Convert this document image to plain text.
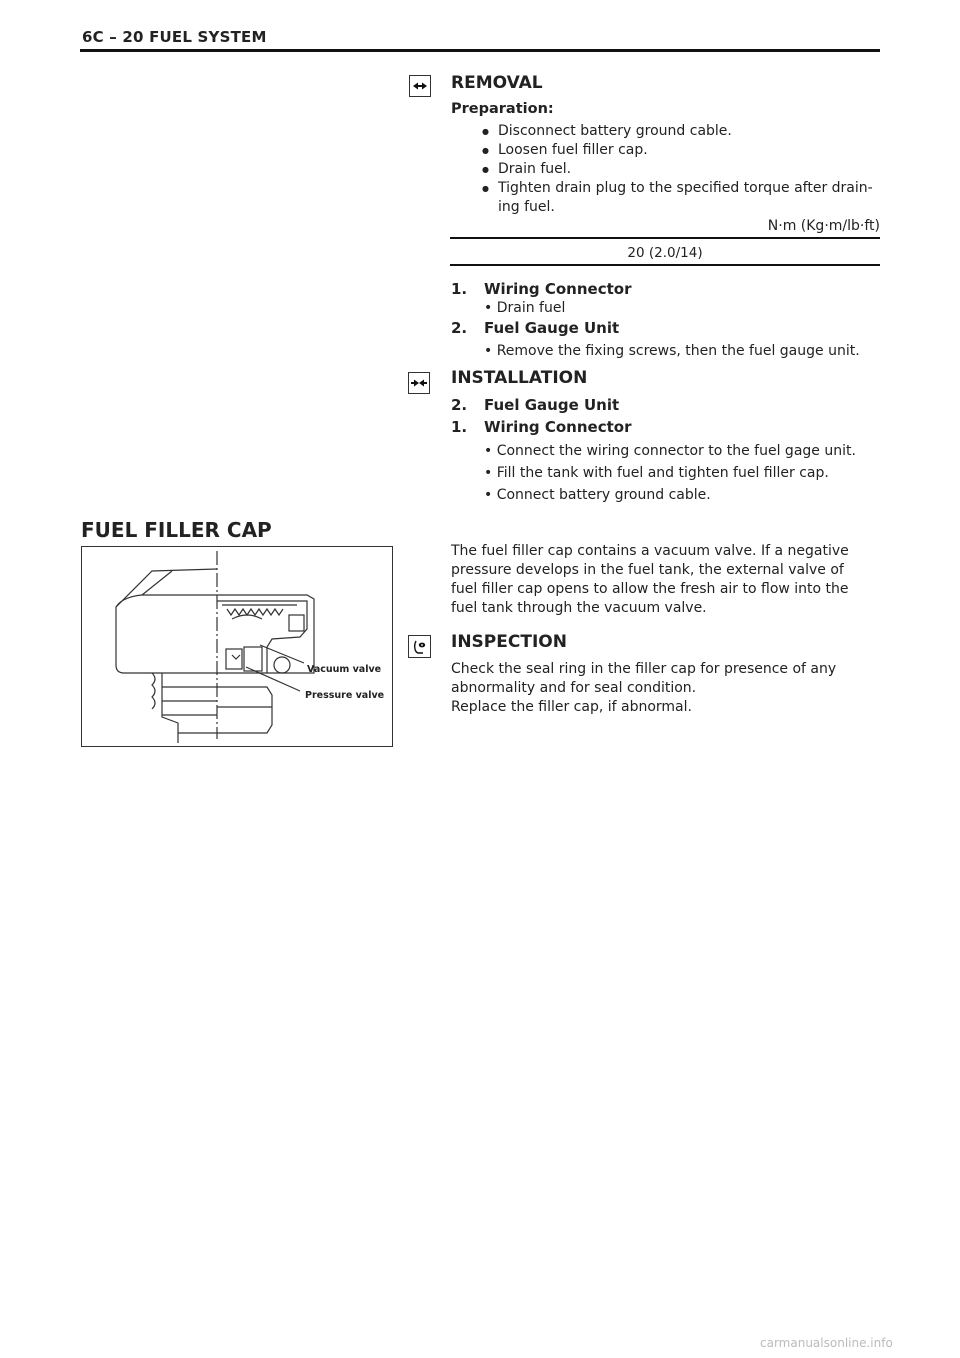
6C – 20 FUEL SYSTEM
REMOVAL
Preparation:
● Disconnect battery ground cable.
● Loosen fuel filler cap.
● Drain fuel.
● Tighten drain plug to the specified torque after drain-
ing fuel.
N·m (Kg·m/lb·ft)
20 (2.0/14)
1. Wiring Connector
• Drain fuel
2. Fuel Gauge Unit
• Remove the fixing screws, then the fuel gauge unit.
INSTALLATION
2. Fuel Gauge Unit
1. Wiring Connector
• Connect the wiring connector to the fuel gage unit.
• Fill the tank with fuel and tighten fuel filler cap.
• Connect battery ground cable.
FUEL FILLER CAP
Vacuum valve
Pressure valve
The fuel filler cap contains a vacuum valve. If a negative
pressure develops in the fuel tank, the external valve of
fuel filler cap opens to allow the fresh air to flow into the
fuel tank through the vacuum valve.
INSPECTION
Check the seal ring in the filler cap for presence of any
abnormality and for seal condition.
Replace the filler cap, if abnormal.
carmanualsonline.info
